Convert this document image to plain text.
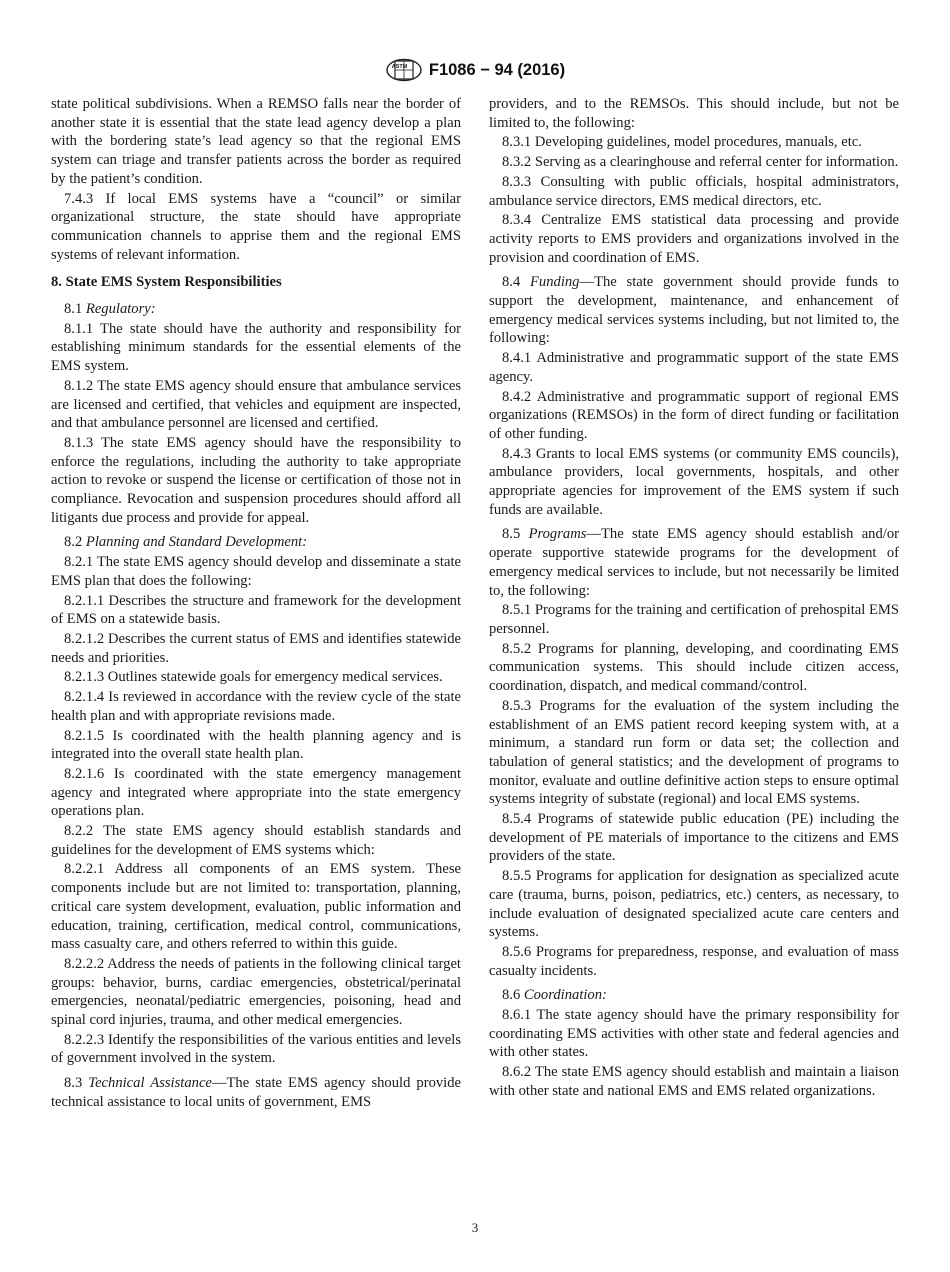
ASTM F1086 − 94 (2016)

state political subdivisions. When a REMSO falls near the border of another state it is essential that the state lead agency develop a plan with the bordering state’s lead agency so that the regional EMS system can triage and transfer patients across the border as required by the patient’s condition.

7.4.3 If local EMS systems have a “council” or similar organizational structure, the state should have appropriate communication channels to apprise them and the regional EMS systems of relevant information.

8. State EMS System Responsibilities

8.1 Regulatory:

8.1.1 The state should have the authority and responsibility for establishing minimum standards for the essential elements of the EMS system.

8.1.2 The state EMS agency should ensure that ambulance services are licensed and certified, that vehicles and equipment are inspected, and that ambulance personnel are licensed and certified.

8.1.3 The state EMS agency should have the responsibility to enforce the regulations, including the authority to take appropriate action to revoke or suspend the license or certification of those not in compliance. Revocation and suspension procedures should afford all litigants due process and provide for appeal.

8.2 Planning and Standard Development:

8.2.1 The state EMS agency should develop and disseminate a state EMS plan that does the following:

8.2.1.1 Describes the structure and framework for the development of EMS on a statewide basis.

8.2.1.2 Describes the current status of EMS and identifies statewide needs and priorities.

8.2.1.3 Outlines statewide goals for emergency medical services.

8.2.1.4 Is reviewed in accordance with the review cycle of the state health plan and with appropriate revisions made.

8.2.1.5 Is coordinated with the health planning agency and is integrated into the overall state health plan.

8.2.1.6 Is coordinated with the state emergency management agency and integrated where appropriate into the state emergency operations plan.

8.2.2 The state EMS agency should establish standards and guidelines for the development of EMS systems which:

8.2.2.1 Address all components of an EMS system. These components include but are not limited to: transportation, planning, critical care system development, evaluation, public information and education, training, certification, medical control, communications, mass casualty care, and others referred to within this guide.

8.2.2.2 Address the needs of patients in the following clinical target groups: behavior, burns, cardiac emergencies, obstetrical/perinatal emergencies, neonatal/pediatric emergencies, poisoning, head and spinal cord injuries, trauma, and other medical emergencies.

8.2.2.3 Identify the responsibilities of the various entities and levels of government involved in the system.

8.3 Technical Assistance—The state EMS agency should provide technical assistance to local units of government, EMS

providers, and to the REMSOs. This should include, but not be limited to, the following:

8.3.1 Developing guidelines, model procedures, manuals, etc.

8.3.2 Serving as a clearinghouse and referral center for information.

8.3.3 Consulting with public officials, hospital administrators, ambulance service directors, EMS medical directors, etc.

8.3.4 Centralize EMS statistical data processing and provide activity reports to EMS providers and organizations involved in the provision and coordination of EMS.

8.4 Funding—The state government should provide funds to support the development, maintenance, and enhancement of emergency medical services systems including, but not limited to, the following:

8.4.1 Administrative and programmatic support of the state EMS agency.

8.4.2 Administrative and programmatic support of regional EMS organizations (REMSOs) in the form of direct funding or facilitation of other funding.

8.4.3 Grants to local EMS systems (or community EMS councils), ambulance providers, local governments, hospitals, and other appropriate agencies for improvement of the EMS system if such funds are available.

8.5 Programs—The state EMS agency should establish and/or operate supportive statewide programs for the development of emergency medical services to include, but not necessarily be limited to, the following:

8.5.1 Programs for the training and certification of prehospital EMS personnel.

8.5.2 Programs for planning, developing, and coordinating EMS communication systems. This should include citizen access, coordination, dispatch, and medical command/control.

8.5.3 Programs for the evaluation of the system including the establishment of an EMS patient record keeping system with, at a minimum, a standard run form or data set; the collection and tabulation of general statistics; and the development of programs to monitor, evaluate and outline definitive action steps to ensure optimal systems integrity of substate (regional) and local EMS systems.

8.5.4 Programs of statewide public education (PE) including the development of PE materials of importance to the citizens and EMS providers of the state.

8.5.5 Programs for application for designation as specialized acute care (trauma, burns, poison, pediatrics, etc.) centers, as necessary, to include evaluation of designated specialized acute care centers and systems.

8.5.6 Programs for preparedness, response, and evaluation of mass casualty incidents.

8.6 Coordination:

8.6.1 The state agency should have the primary responsibility for coordinating EMS activities with other state and federal agencies and with other states.

8.6.2 The state EMS agency should establish and maintain a liaison with other state and national EMS and EMS related organizations.

3
